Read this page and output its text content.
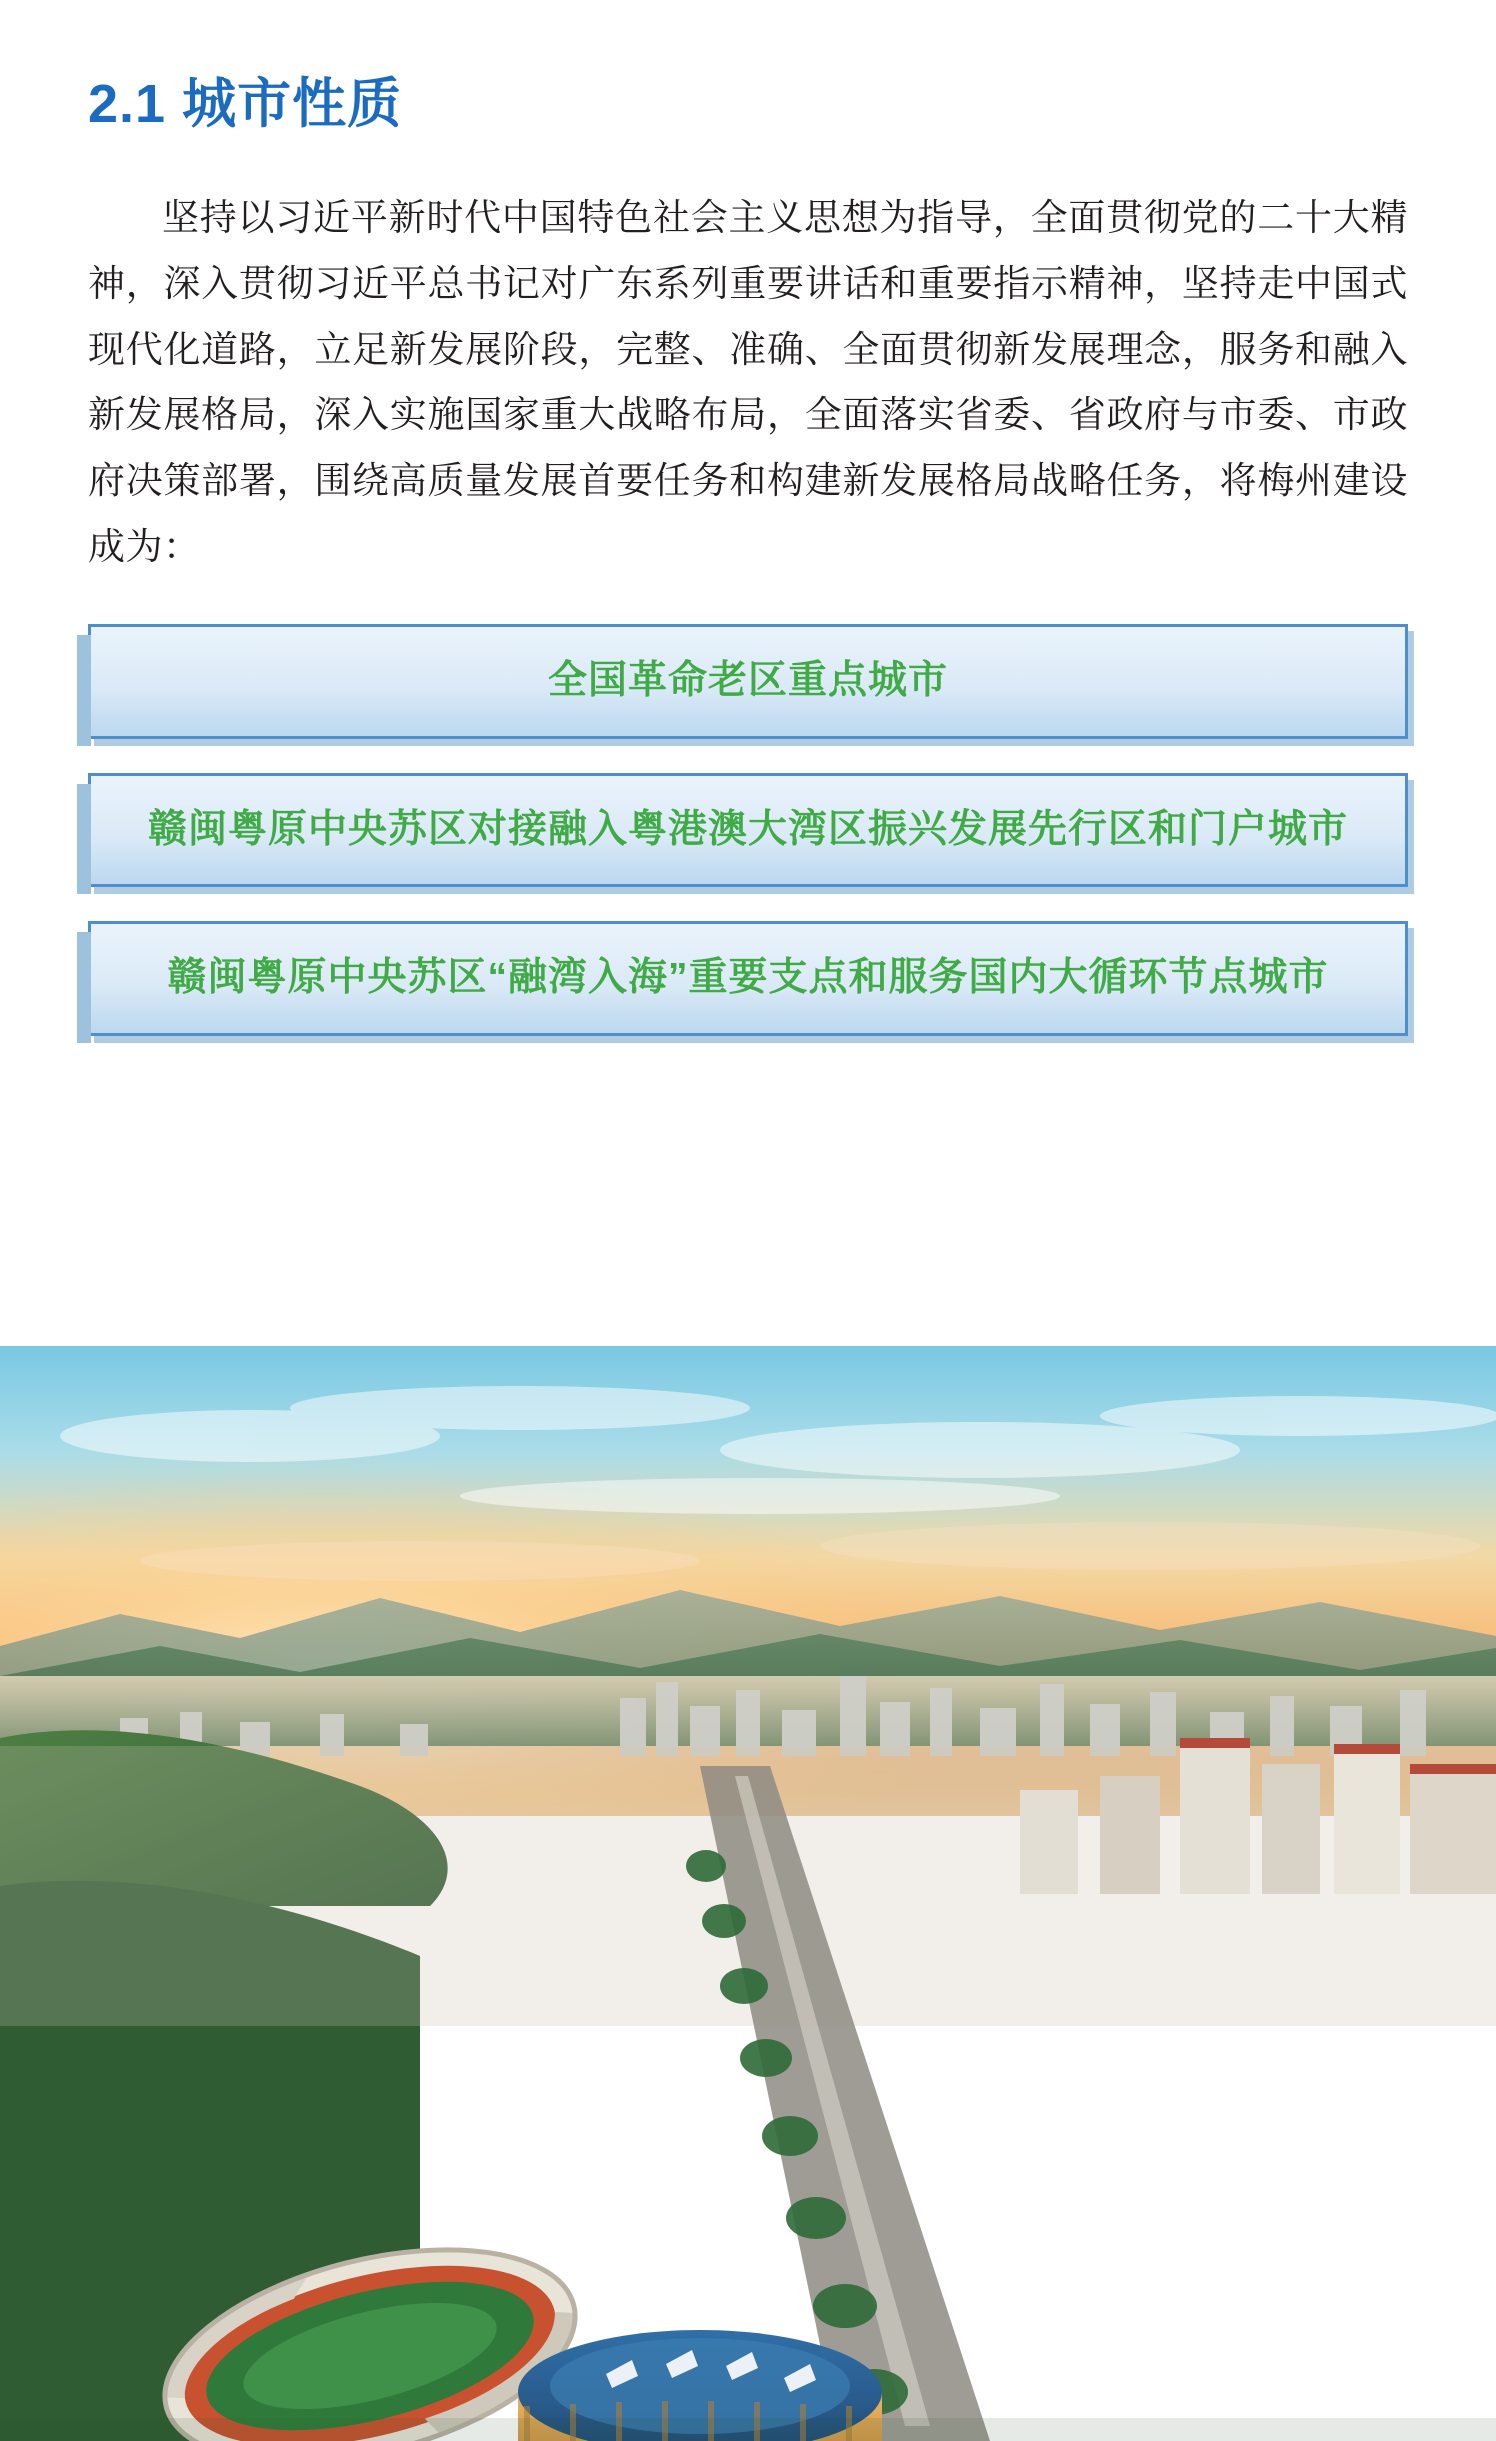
2.1 城市性质

坚持以习近平新时代中国特色社会主义思想为指导，全面贯彻党的二十大精神，深入贯彻习近平总书记对广东系列重要讲话和重要指示精神，坚持走中国式现代化道路，立足新发展阶段，完整、准确、全面贯彻新发展理念，服务和融入新发展格局，深入实施国家重大战略布局，全面落实省委、省政府与市委、市政府决策部署，围绕高质量发展首要任务和构建新发展格局战略任务，将梅州建设成为：

全国革命老区重点城市
赣闽粤原中央苏区对接融入粤港澳大湾区振兴发展先行区和门户城市
赣闽粤原中央苏区“融湾入海”重要支点和服务国内大循环节点城市
